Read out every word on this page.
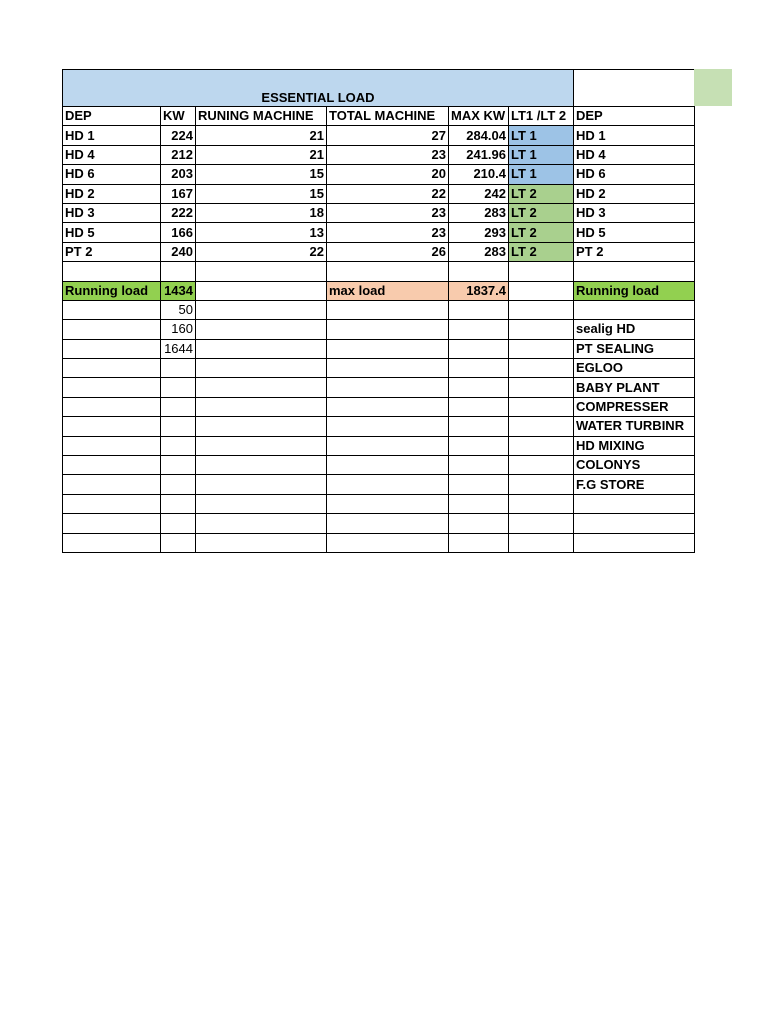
ESSENTIAL LOAD						
DEP	KW	RUNING MACHINE	TOTAL MACHINE	MAX KW	LT1 /LT 2	DEP
HD 1	224	21	27	284.04	LT 1	HD 1
HD 4	212	21	23	241.96	LT 1	HD 4
HD 6	203	15	20	210.4	LT 1	HD 6
HD 2	167	15	22	242	LT 2	HD 2
HD 3	222	18	23	283	LT 2	HD 3
HD 5	166	13	23	293	LT 2	HD 5
PT 2	240	22	26	283	LT 2	PT 2

Running load	1434		max load	1837.4		Running load
	50					
	160					sealig HD
	1644					PT SEALING
						EGLOO
						BABY PLANT
						COMPRESSER
						WATER TURBINR
						HD MIXING
						COLONYS
						F.G STORE
